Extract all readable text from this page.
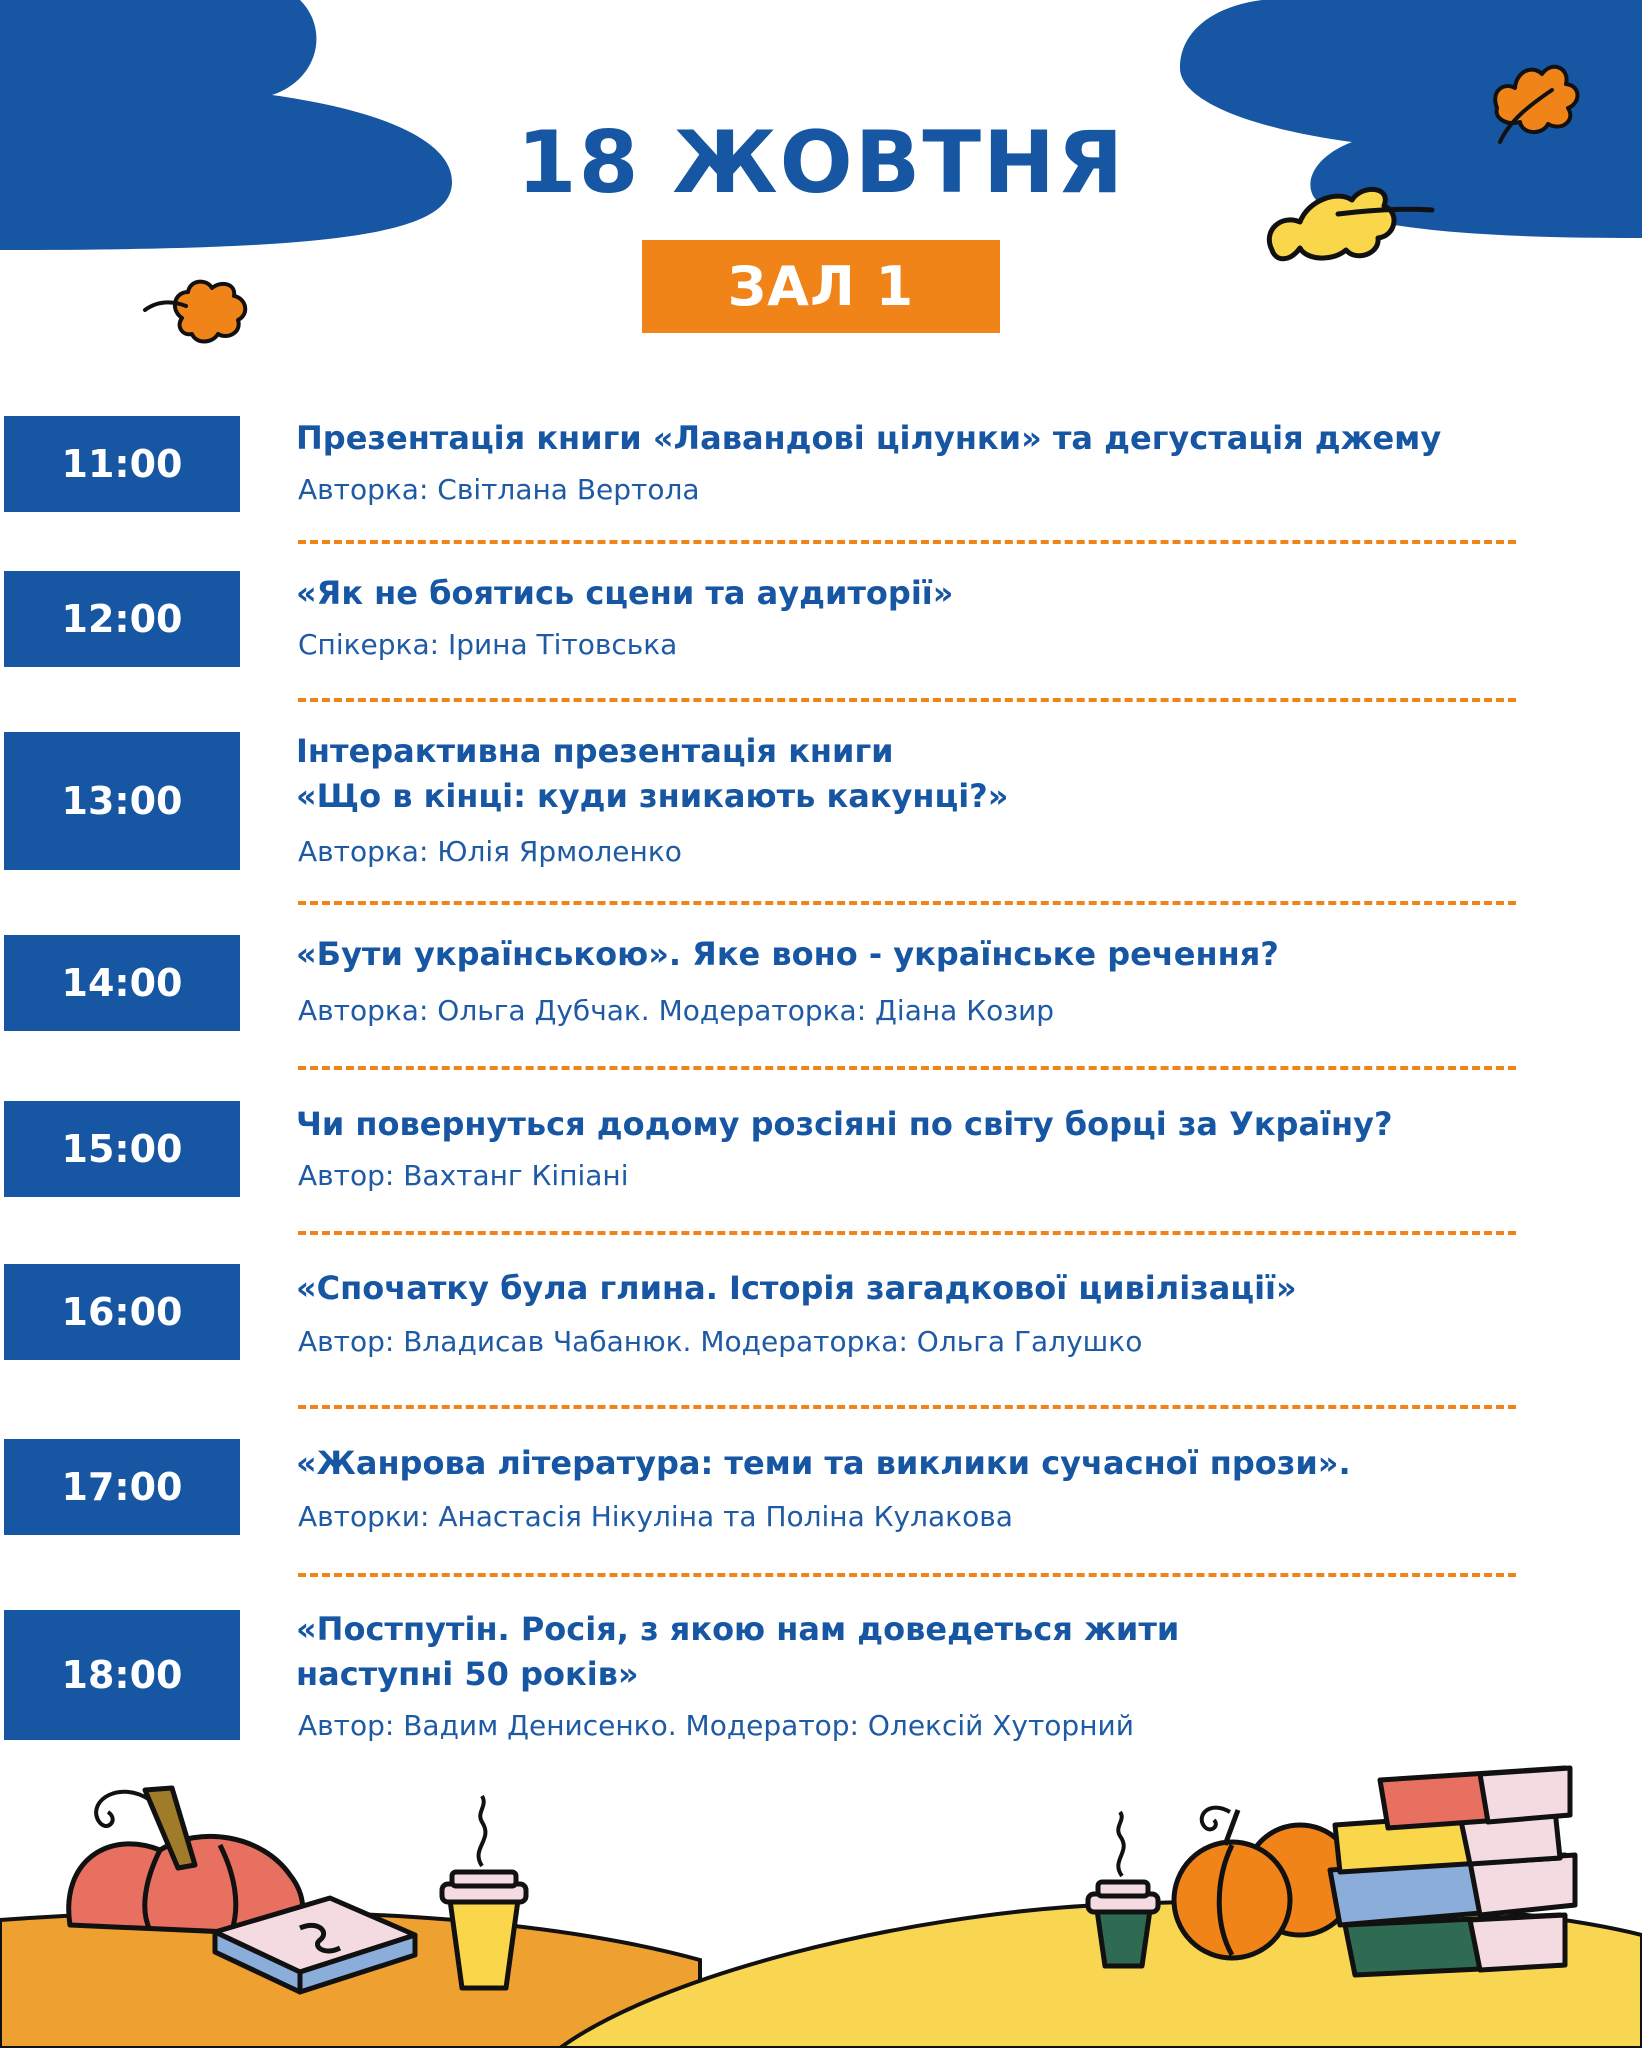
18 ЖОВТНЯ
ЗАЛ 1
11:00
Презентація книги «Лавандові цілунки» та дегустація джему
Авторка: Світлана Вертола
12:00
«Як не боятись сцени та аудиторії»
Спікерка: Ірина Тітовська
13:00
Інтерактивна презентація книги
«Що в кінці: куди зникають какунці?»
Авторка: Юлія Ярмоленко
14:00
«Бути українською». Яке воно - українське речення?
Авторка: Ольга Дубчак. Модераторка: Діана Козир
15:00
Чи повернуться додому розсіяні по світу борці за Україну?
Автор: Вахтанг Кіпіані
16:00
«Спочатку була глина. Історія загадкової цивілізації»
Автор: Владисав Чабанюк. Модераторка: Ольга Галушко
17:00
«Жанрова література: теми та виклики сучасної прози».
Авторки: Анастасія Нікуліна та Поліна Кулакова
18:00
«Постпутін. Росія, з якою нам доведеться жити
наступні 50 років»
Автор: Вадим Денисенко. Модератор: Олексій Хуторний
